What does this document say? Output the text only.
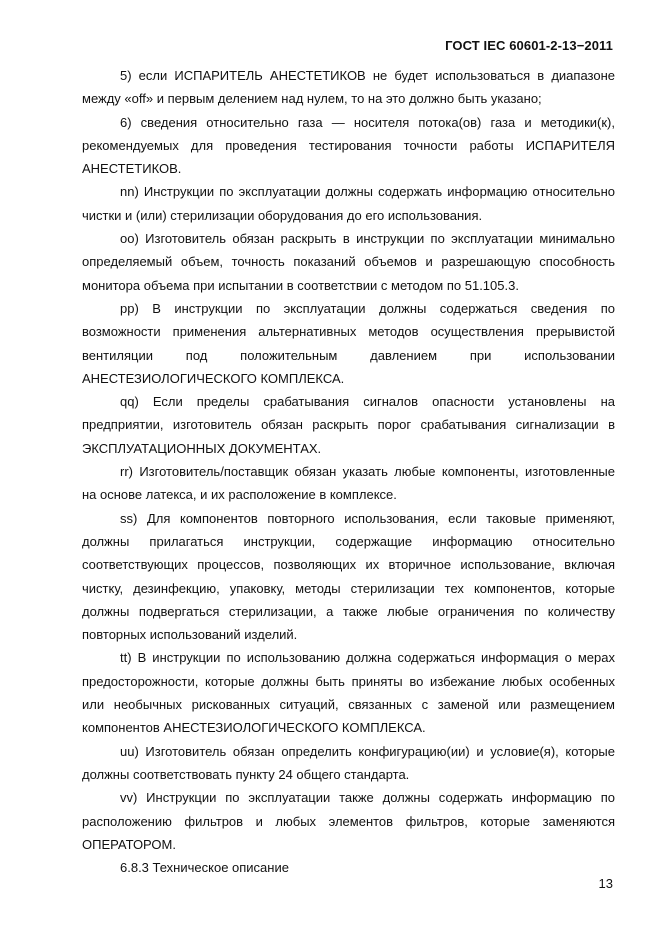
ГОСТ IEC 60601-2-13−2011

5) если ИСПАРИТЕЛЬ АНЕСТЕТИКОВ не будет использоваться в диапазоне между «off» и первым делением над нулем, то на это должно быть указано;

6) сведения относительно газа — носителя потока(ов) газа и методики(к), рекомендуемых для проведения тестирования точности работы ИСПАРИТЕЛЯ АНЕСТЕТИКОВ.

nn) Инструкции по эксплуатации должны содержать информацию относительно чистки и (или) стерилизации оборудования до его использования.

oo) Изготовитель обязан раскрыть в инструкции по эксплуатации минимально определяемый объем, точность показаний объемов и разрешающую способность монитора объема при испытании в соответствии с методом по 51.105.3.

pp) В инструкции по эксплуатации должны содержаться сведения по возможности применения альтернативных методов осуществления прерывистой вентиляции под положительным давлением при использовании АНЕСТЕЗИОЛОГИЧЕСКОГО КОМПЛЕКСА.

qq) Если пределы срабатывания сигналов опасности установлены на предприятии, изготовитель обязан раскрыть порог срабатывания сигнализации в ЭКСПЛУАТАЦИОННЫХ ДОКУМЕНТАХ.

rr) Изготовитель/поставщик обязан указать любые компоненты, изготовленные на основе латекса, и их расположение в комплексе.

ss) Для компонентов повторного использования, если таковые применяют, должны прилагаться инструкции, содержащие информацию относительно соответствующих процессов, позволяющих их вторичное использование, включая чистку, дезинфекцию, упаковку, методы стерилизации тех компонентов, которые должны подвергаться стерилизации, а также любые ограничения по количеству повторных использований изделий.

tt) В инструкции по использованию должна содержаться информация о мерах предосторожности, которые должны быть приняты во избежание любых особенных или необычных рискованных ситуаций, связанных с заменой или размещением компонентов АНЕСТЕЗИОЛОГИЧЕСКОГО КОМПЛЕКСА.

uu) Изготовитель обязан определить конфигурацию(ии) и условие(я), которые должны соответствовать пункту 24 общего стандарта.

vv) Инструкции по эксплуатации также должны содержать информацию по расположению фильтров и любых элементов фильтров, которые заменяются ОПЕРАТОРОМ.

6.8.3 Техническое описание

13
